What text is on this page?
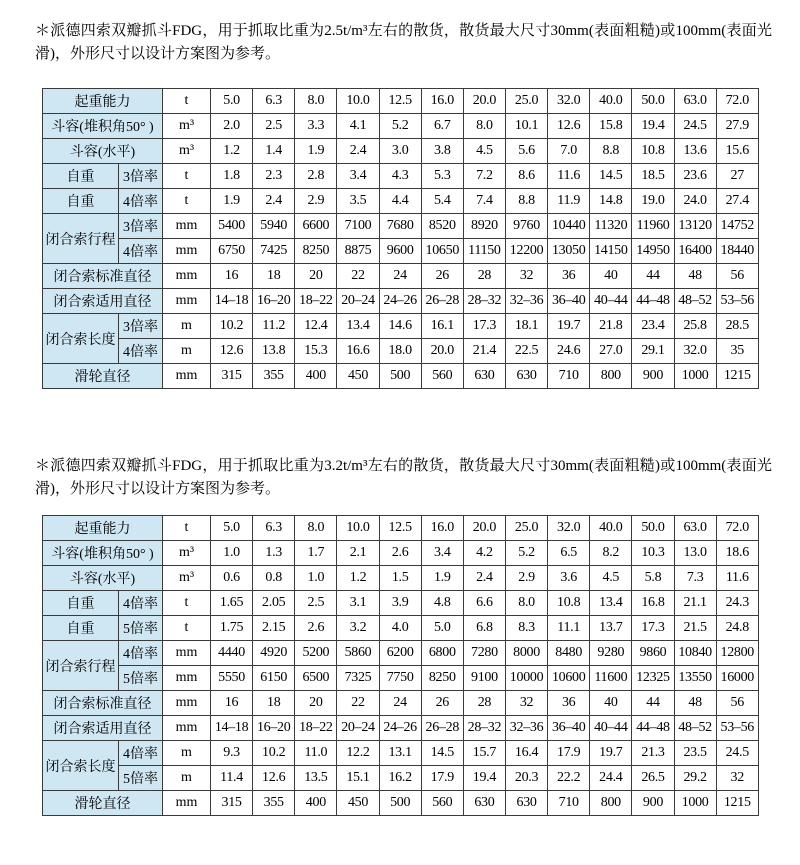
＊派德四索双瓣抓斗FDG，用于抓取比重为2.5t/m³左右的散货，散货最大尺寸30mm(表面粗糙)或100mm(表面光滑)，外形尺寸以设计方案图为参考。

起重能力		t	5.0	6.3	8.0	10.0	12.5	16.0	20.0	25.0	32.0	40.0	50.0	63.0	72.0
斗容(堆积角50° )		m³	2.0	2.5	3.3	4.1	5.2	6.7	8.0	10.1	12.6	15.8	19.4	24.5	27.9
斗容(水平)		m³	1.2	1.4	1.9	2.4	3.0	3.8	4.5	5.6	7.0	8.8	10.8	13.6	15.6
自重	3倍率	t	1.8	2.3	2.8	3.4	4.3	5.3	7.2	8.6	11.6	14.5	18.5	23.6	27
自重	4倍率	t	1.9	2.4	2.9	3.5	4.4	5.4	7.4	8.8	11.9	14.8	19.0	24.0	27.4
闭合索行程	3倍率	mm	5400	5940	6600	7100	7680	8520	8920	9760	10440	11320	11960	13120	14752
	4倍率	mm	6750	7425	8250	8875	9600	10650	11150	12200	13050	14150	14950	16400	18440
闭合索标准直径		mm	16	18	20	22	24	26	28	32	36	40	44	48	56
闭合索适用直径		mm	14–18	16–20	18–22	20–24	24–26	26–28	28–32	32–36	36–40	40–44	44–48	48–52	53–56
闭合索长度	3倍率	m	10.2	11.2	12.4	13.4	14.6	16.1	17.3	18.1	19.7	21.8	23.4	25.8	28.5
	4倍率	m	12.6	13.8	15.3	16.6	18.0	20.0	21.4	22.5	24.6	27.0	29.1	32.0	35
滑轮直径		mm	315	355	400	450	500	560	630	630	710	800	900	1000	1215

＊派德四索双瓣抓斗FDG，用于抓取比重为3.2t/m³左右的散货，散货最大尺寸30mm(表面粗糙)或100mm(表面光滑)，外形尺寸以设计方案图为参考。

起重能力		t	5.0	6.3	8.0	10.0	12.5	16.0	20.0	25.0	32.0	40.0	50.0	63.0	72.0
斗容(堆积角50° )		m³	1.0	1.3	1.7	2.1	2.6	3.4	4.2	5.2	6.5	8.2	10.3	13.0	18.6
斗容(水平)		m³	0.6	0.8	1.0	1.2	1.5	1.9	2.4	2.9	3.6	4.5	5.8	7.3	11.6
自重	4倍率	t	1.65	2.05	2.5	3.1	3.9	4.8	6.6	8.0	10.8	13.4	16.8	21.1	24.3
自重	5倍率	t	1.75	2.15	2.6	3.2	4.0	5.0	6.8	8.3	11.1	13.7	17.3	21.5	24.8
闭合索行程	4倍率	mm	4440	4920	5200	5860	6200	6800	7280	8000	8480	9280	9860	10840	12800
	5倍率	mm	5550	6150	6500	7325	7750	8250	9100	10000	10600	11600	12325	13550	16000
闭合索标准直径		mm	16	18	20	22	24	26	28	32	36	40	44	48	56
闭合索适用直径		mm	14–18	16–20	18–22	20–24	24–26	26–28	28–32	32–36	36–40	40–44	44–48	48–52	53–56
闭合索长度	4倍率	m	9.3	10.2	11.0	12.2	13.1	14.5	15.7	16.4	17.9	19.7	21.3	23.5	24.5
	5倍率	m	11.4	12.6	13.5	15.1	16.2	17.9	19.4	20.3	22.2	24.4	26.5	29.2	32
滑轮直径		mm	315	355	400	450	500	560	630	630	710	800	900	1000	1215
